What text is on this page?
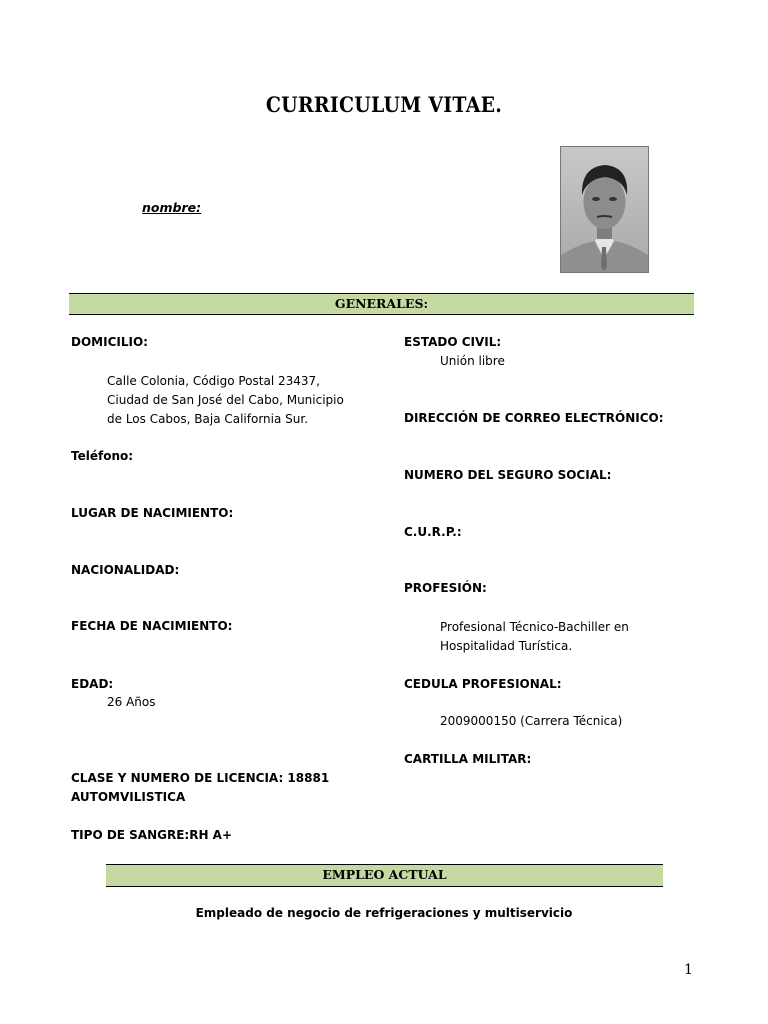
CURRICULUM VITAE.
nombre:
GENERALES:
DOMICILIO:
Calle Colonia, Código Postal 23437,
Ciudad de San José del Cabo, Municipio
de Los Cabos, Baja California Sur.
Teléfono:
LUGAR DE NACIMIENTO:
NACIONALIDAD:
FECHA DE NACIMIENTO:
EDAD:
26 Años
CLASE Y NUMERO DE LICENCIA: 18881
AUTOMVILISTICA
TIPO DE SANGRE:RH A+
ESTADO CIVIL:
Unión libre
DIRECCIÓN DE CORREO ELECTRÓNICO:
NUMERO DEL SEGURO SOCIAL:
C.U.R.P.:
PROFESIÓN:
Profesional Técnico-Bachiller en
Hospitalidad Turística.
CEDULA PROFESIONAL:
2009000150 (Carrera Técnica)
CARTILLA MILITAR:
EMPLEO ACTUAL
Empleado de negocio de refrigeraciones y multiservicio
1
